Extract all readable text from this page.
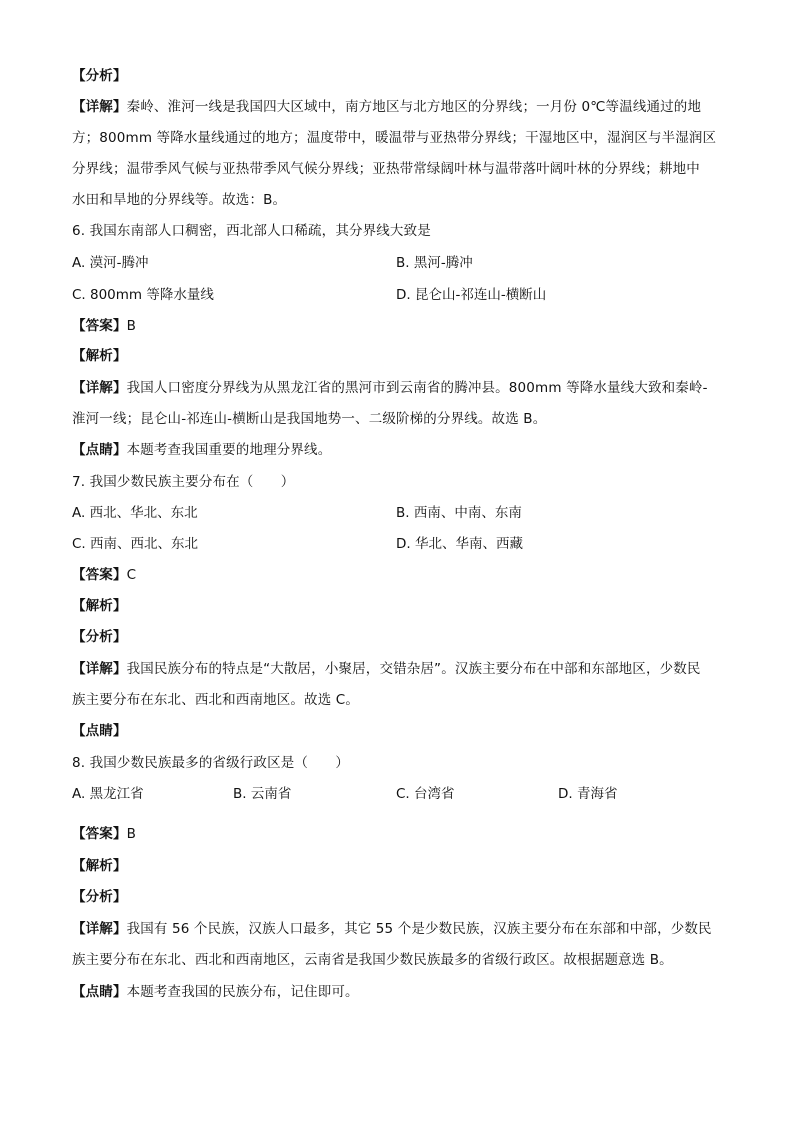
【分析】
【详解】秦岭、淮河一线是我国四大区域中，南方地区与北方地区的分界线；一月份 0℃等温线通过的地
方；800mm 等降水量线通过的地方；温度带中，暖温带与亚热带分界线；干湿地区中，湿润区与半湿润区
分界线；温带季风气候与亚热带季风气候分界线；亚热带常绿阔叶林与温带落叶阔叶林的分界线；耕地中
水田和旱地的分界线等。故选：B。
6. 我国东南部人口稠密，西北部人口稀疏，其分界线大致是
A. 漠河-腾冲	B. 黑河-腾冲
C. 800mm 等降水量线	D. 昆仑山-祁连山-横断山
【答案】B
【解析】
【详解】我国人口密度分界线为从黑龙江省的黑河市到云南省的腾冲县。800mm 等降水量线大致和秦岭-
淮河一线；昆仑山-祁连山-横断山是我国地势一、二级阶梯的分界线。故选 B。
【点睛】本题考查我国重要的地理分界线。
7. 我国少数民族主要分布在（　　）
A. 西北、华北、东北	B. 西南、中南、东南
C. 西南、西北、东北	D. 华北、华南、西藏
【答案】C
【解析】
【分析】
【详解】我国民族分布的特点是“大散居，小聚居，交错杂居”。汉族主要分布在中部和东部地区，少数民
族主要分布在东北、西北和西南地区。故选 C。
【点睛】
8. 我国少数民族最多的省级行政区是（　　）
A. 黑龙江省	B. 云南省	C. 台湾省	D. 青海省
【答案】B
【解析】
【分析】
【详解】我国有 56 个民族，汉族人口最多，其它 55 个是少数民族，汉族主要分布在东部和中部，少数民
族主要分布在东北、西北和西南地区，云南省是我国少数民族最多的省级行政区。故根据题意选 B。
【点睛】本题考查我国的民族分布，记住即可。
